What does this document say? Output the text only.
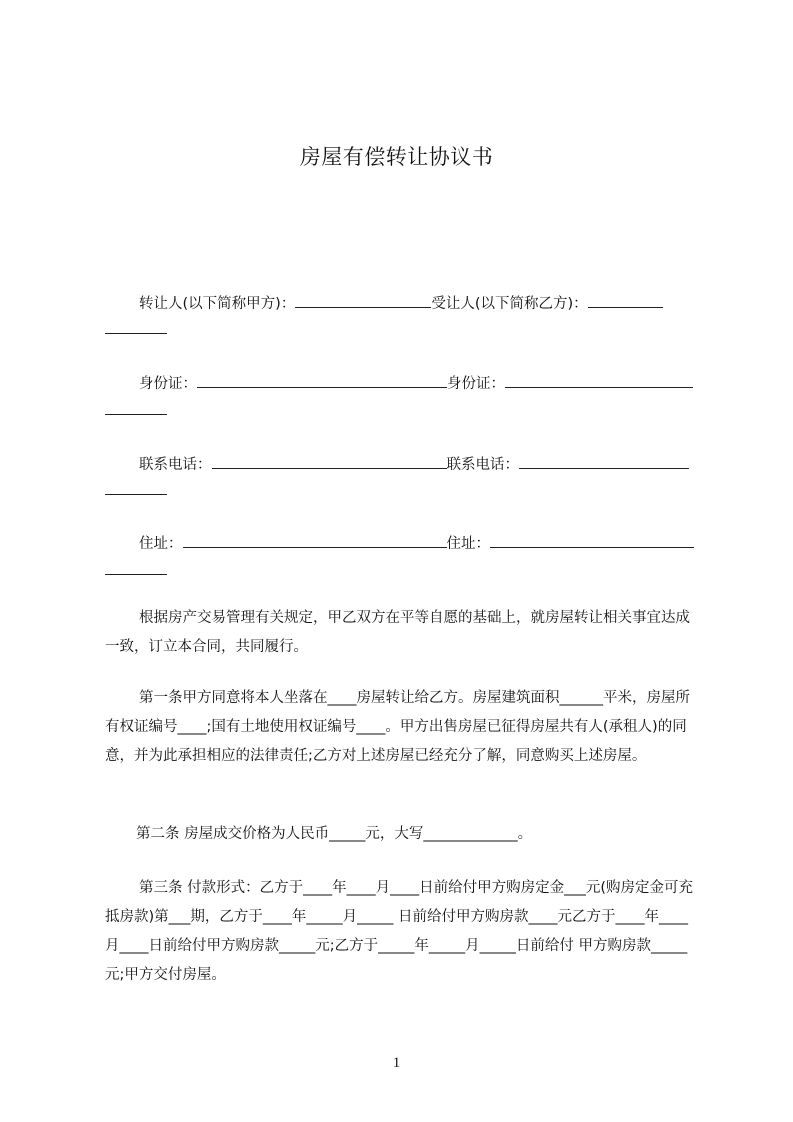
房屋有偿转让协议书
转让人(以下简称甲方)：	受让人(以下简称乙方)：
身份证：	身份证：
联系电话：	联系电话：
住址：	住址：
根据房产交易管理有关规定，甲乙双方在平等自愿的基础上，就房屋转让相关事宜达成一致，订立本合同，共同履行。
第一条甲方同意将本人坐落在____房屋转让给乙方。房屋建筑面积______平米，房屋所有权证编号____;国有土地使用权证编号____。甲方出售房屋已征得房屋共有人(承租人)的同意，并为此承担相应的法律责任;乙方对上述房屋已经充分了解，同意购买上述房屋。
第二条 房屋成交价格为人民币_____元，大写_____________。
第三条 付款形式：乙方于____年____月____日前给付甲方购房定金___元(购房定金可充抵房款)第___期，乙方于____年_____月_____ 日前给付甲方购房款____元乙方于____年____月____日前给付甲方购房款_____元;乙方于_____年_____月_____日前给付 甲方购房款_____元;甲方交付房屋。
1
